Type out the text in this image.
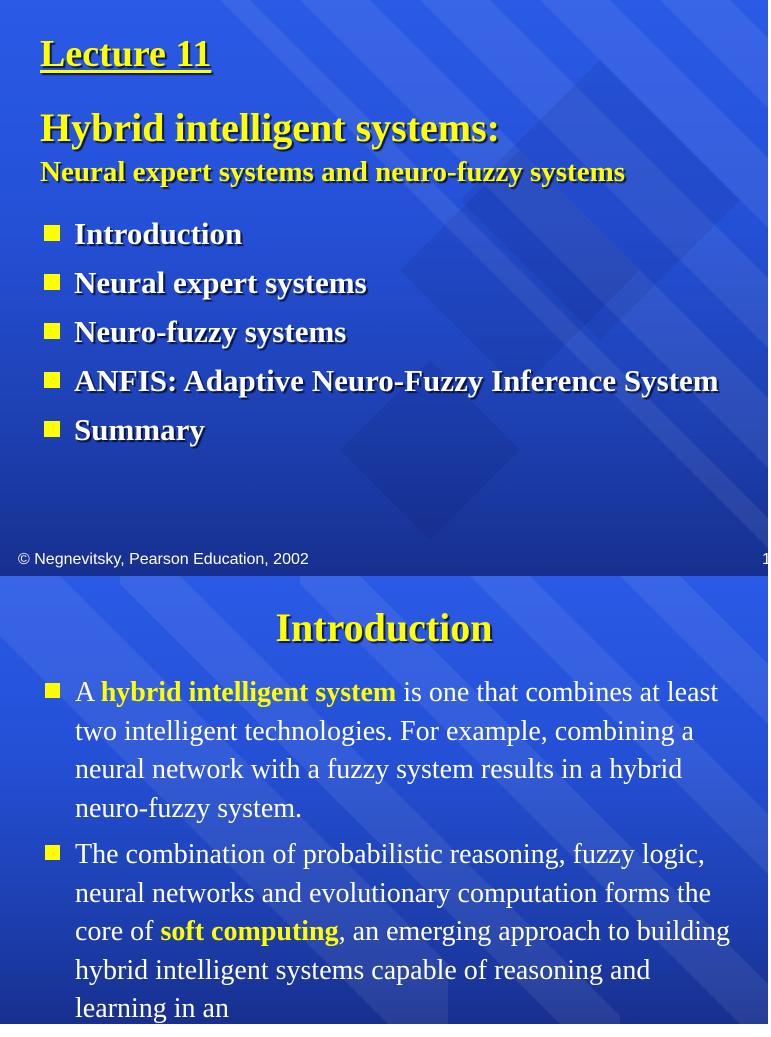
Lecture 11
Hybrid intelligent systems:
Neural expert systems and neuro-fuzzy systems
Introduction
Neural expert systems
Neuro-fuzzy systems
ANFIS: Adaptive Neuro-Fuzzy Inference System
Summary
© Negnevitsky, Pearson Education, 2002	1
Introduction
A hybrid intelligent system is one that combines at least two intelligent technologies. For example, combining a neural network with a fuzzy system results in a hybrid neuro-fuzzy system.
The combination of probabilistic reasoning, fuzzy logic, neural networks and evolutionary computation forms the core of soft computing, an emerging approach to building hybrid intelligent systems capable of reasoning and learning in an
